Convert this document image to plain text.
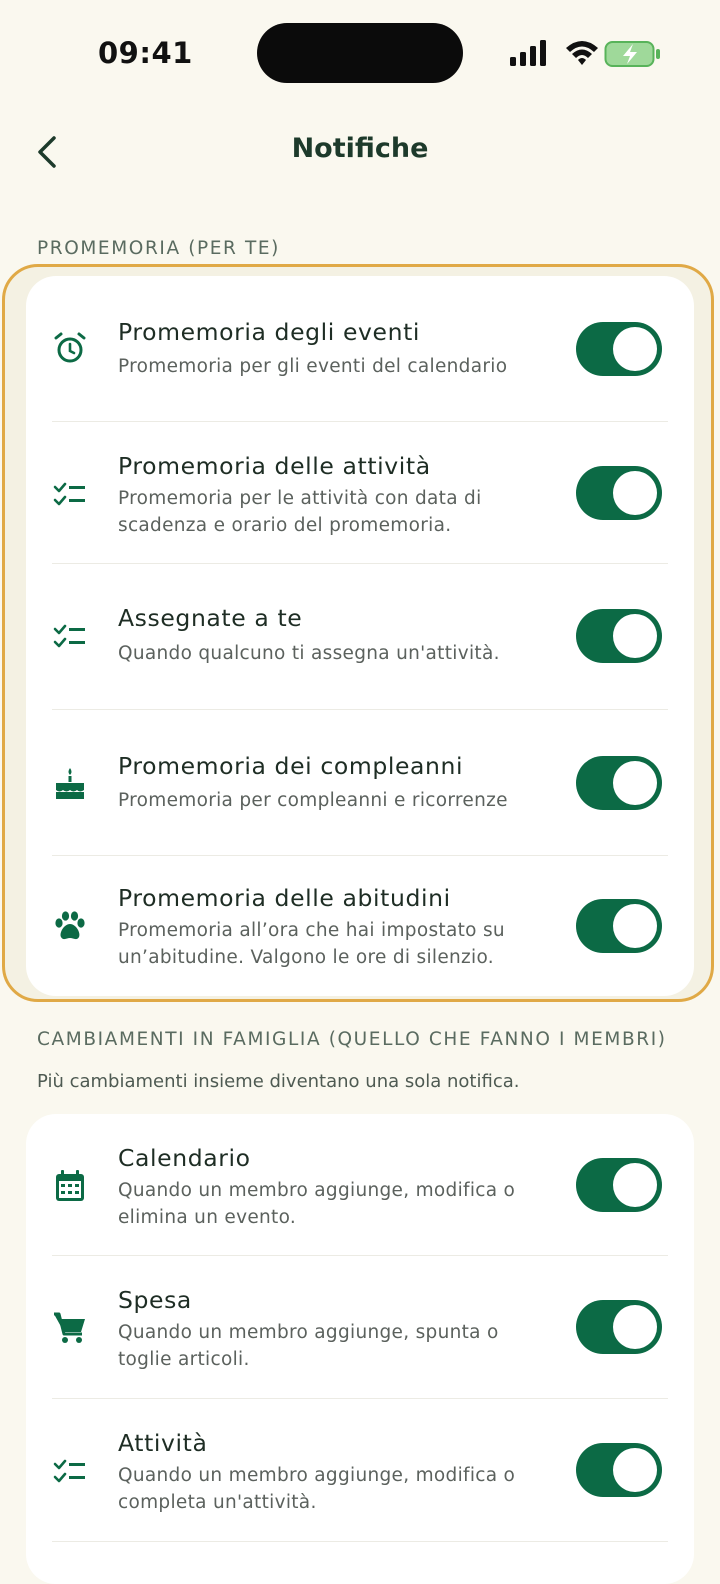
09:41
Notifiche
PROMEMORIA (PER TE)
Promemoria degli eventi
Promemoria per gli eventi del calendario
Promemoria delle attività
Promemoria per le attività con data di scadenza e orario del promemoria.
Assegnate a te
Quando qualcuno ti assegna un'attività.
Promemoria dei compleanni
Promemoria per compleanni e ricorrenze
Promemoria delle abitudini
Promemoria all’ora che hai impostato su un’abitudine. Valgono le ore di silenzio.
CAMBIAMENTI IN FAMIGLIA (QUELLO CHE FANNO I MEMBRI)
Più cambiamenti insieme diventano una sola notifica.
Calendario
Quando un membro aggiunge, modifica o elimina un evento.
Spesa
Quando un membro aggiunge, spunta o toglie articoli.
Attività
Quando un membro aggiunge, modifica o completa un'attività.
